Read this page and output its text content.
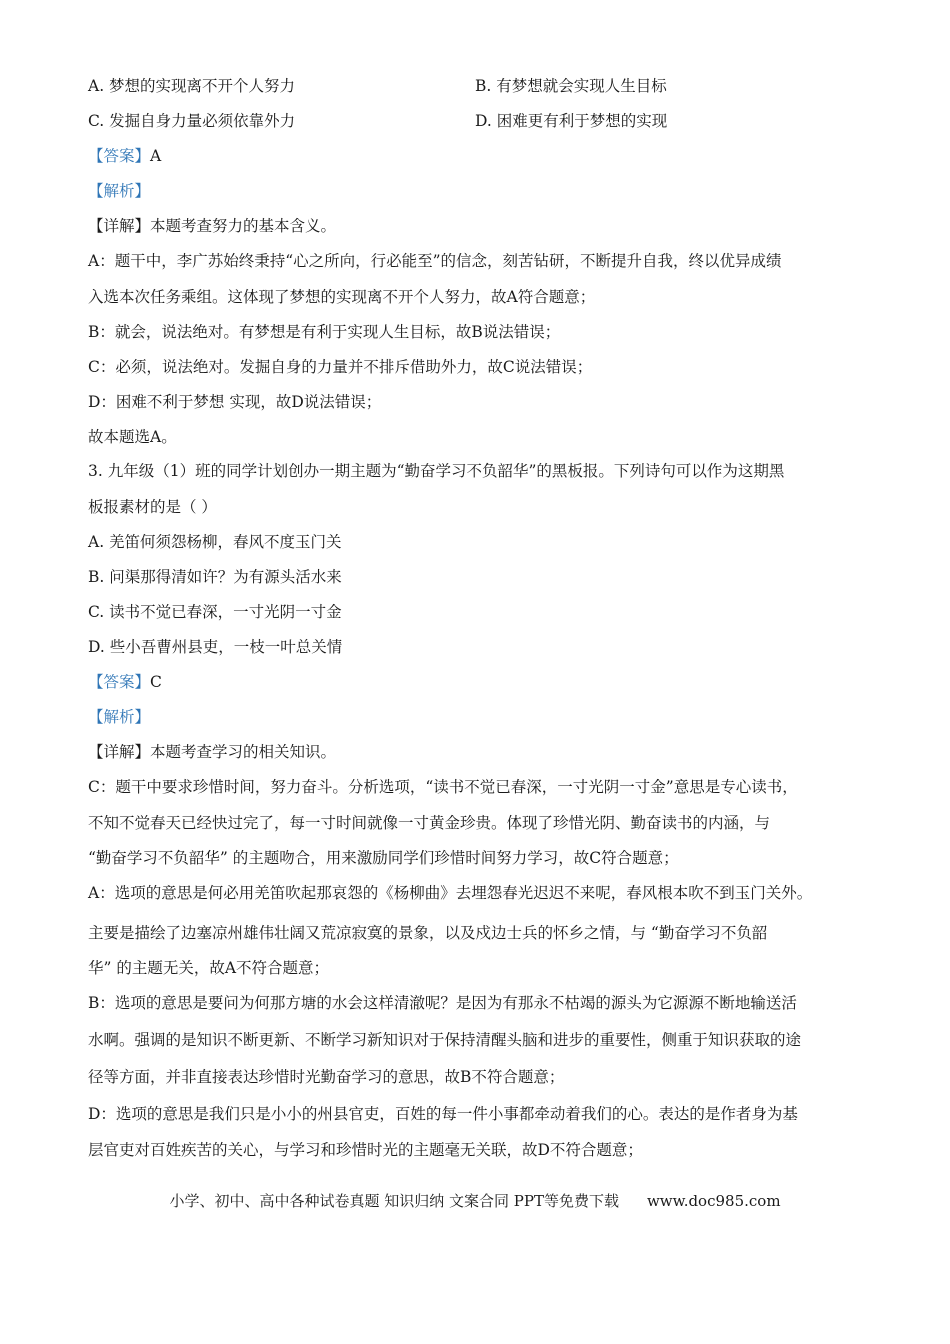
A. 梦想的实现离不开个人努力	B. 有梦想就会实现人生目标
C. 发掘自身力量必须依靠外力	D. 困难更有利于梦想的实现
【答案】A
【解析】
【详解】本题考查努力的基本含义。
A：题干中，李广苏始终秉持“心之所向，行必能至”的信念，刻苦钻研，不断提升自我，终以优异成绩
入选本次任务乘组。这体现了梦想的实现离不开个人努力，故A符合题意；
B：就会，说法绝对。有梦想是有利于实现人生目标，故B说法错误；
C：必须，说法绝对。发掘自身的力量并不排斥借助外力，故C说法错误；
D：困难不利于梦想 实现，故D说法错误；
故本题选A。
3. 九年级（1）班的同学计划创办一期主题为“勤奋学习不负韶华”的黑板报。下列诗句可以作为这期黑
板报素材的是（ ）
A. 羌笛何须怨杨柳，春风不度玉门关
B. 问渠那得清如许？为有源头活水来
C. 读书不觉已春深，一寸光阴一寸金
D. 些小吾曹州县吏，一枝一叶总关情
【答案】C
【解析】
【详解】本题考查学习的相关知识。
C：题干中要求珍惜时间，努力奋斗。分析选项，“读书不觉已春深，一寸光阴一寸金”意思是专心读书，
不知不觉春天已经快过完了，每一寸时间就像一寸黄金珍贵。体现了珍惜光阴、勤奋读书的内涵，与
“勤奋学习不负韶华” 的主题吻合，用来激励同学们珍惜时间努力学习，故C符合题意；
A：选项的意思是何必用羌笛吹起那哀怨的《杨柳曲》去埋怨春光迟迟不来呢，春风根本吹不到玉门关外。
主要是描绘了边塞凉州雄伟壮阔又荒凉寂寞的景象，以及戍边士兵的怀乡之情，与 “勤奋学习不负韶
华” 的主题无关，故A不符合题意；
B：选项的意思是要问为何那方塘的水会这样清澈呢？是因为有那永不枯竭的源头为它源源不断地输送活
水啊。强调的是知识不断更新、不断学习新知识对于保持清醒头脑和进步的重要性，侧重于知识获取的途
径等方面，并非直接表达珍惜时光勤奋学习的意思，故B不符合题意；
D：选项的意思是我们只是小小的州县官吏，百姓的每一件小事都牵动着我们的心。表达的是作者身为基
层官吏对百姓疾苦的关心，与学习和珍惜时光的主题毫无关联，故D不符合题意；
小学、初中、高中各种试卷真题 知识归纳 文案合同 PPT等免费下载 www.doc985.com
